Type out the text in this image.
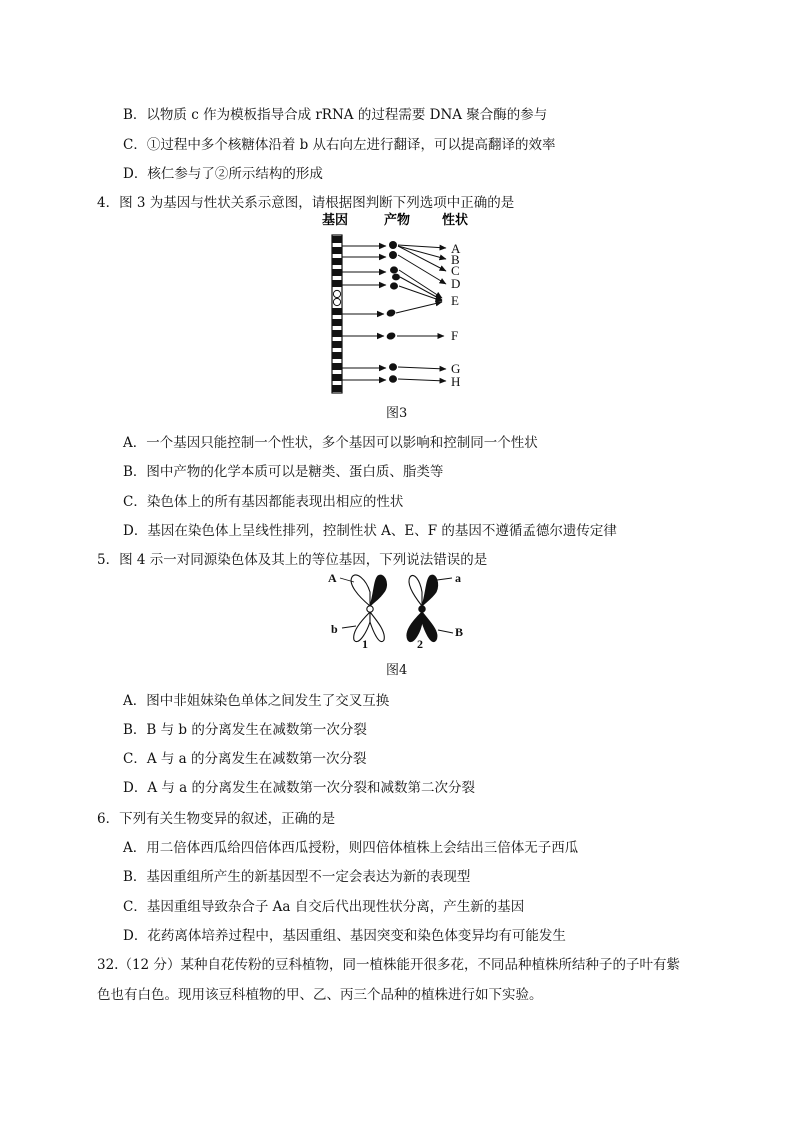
B．以物质 c 作为模板指导合成 rRNA 的过程需要 DNA 聚合酶的参与
C．①过程中多个核糖体沿着 b 从右向左进行翻译，可以提高翻译的效率
D．核仁参与了②所示结构的形成
4．图 3 为基因与性状关系示意图，请根据图判断下列选项中正确的是
基因	产物 性状
A
B
C
D
E
F
G
H
图3
A．一个基因只能控制一个性状，多个基因可以影响和控制同一个性状
B．图中产物的化学本质可以是糖类、蛋白质、脂类等
C．染色体上的所有基因都能表现出相应的性状
D．基因在染色体上呈线性排列，控制性状 A、E、F 的基因不遵循孟德尔遗传定律
5．图 4 示一对同源染色体及其上的等位基因，下列说法错误的是
A
b
a
B
1	2
图4
A．图中非姐妹染色单体之间发生了交叉互换
B．B 与 b 的分离发生在减数第一次分裂
C．A 与 a 的分离发生在减数第一次分裂
D．A 与 a 的分离发生在减数第一次分裂和减数第二次分裂
6．下列有关生物变异的叙述，正确的是
A．用二倍体西瓜给四倍体西瓜授粉，则四倍体植株上会结出三倍体无子西瓜
B．基因重组所产生的新基因型不一定会表达为新的表现型
C．基因重组导致杂合子 Aa 自交后代出现性状分离，产生新的基因
D．花药离体培养过程中，基因重组、基因突变和染色体变异均有可能发生
32.（12 分）某种自花传粉的豆科植物，同一植株能开很多花，不同品种植株所结种子的子叶有紫
色也有白色。现用该豆科植物的甲、乙、丙三个品种的植株进行如下实验。
